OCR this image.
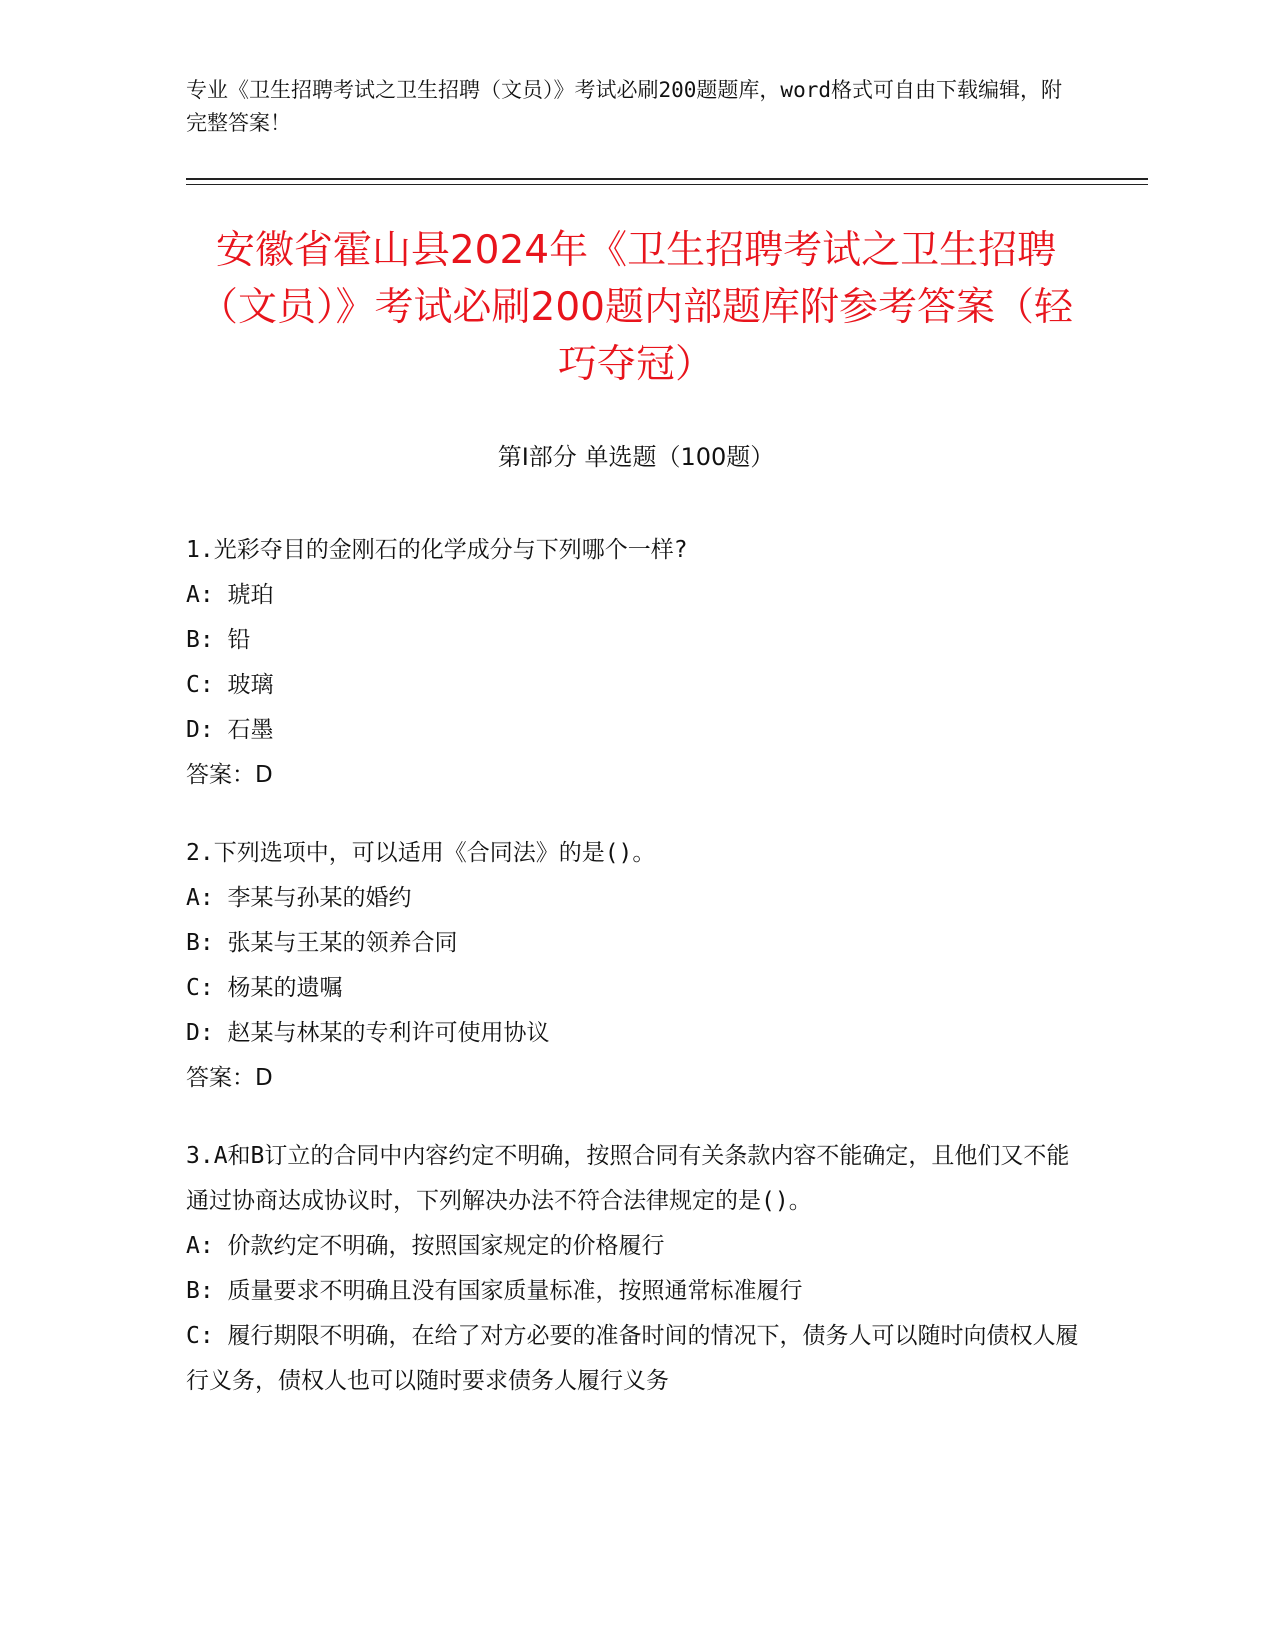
专业《卫生招聘考试之卫生招聘（文员）》考试必刷200题题库，word格式可自由下载编辑，附完整答案！
安徽省霍山县2024年《卫生招聘考试之卫生招聘（文员）》考试必刷200题内部题库附参考答案（轻巧夺冠）
第I部分 单选题（100题）

1.光彩夺目的金刚石的化学成分与下列哪个一样?

A: 琥珀

B: 铅

C: 玻璃

D: 石墨

答案：D

2.下列选项中，可以适用《合同法》的是()。

A: 李某与孙某的婚约

B: 张某与王某的领养合同

C: 杨某的遗嘱

D: 赵某与林某的专利许可使用协议

答案：D

3.A和B订立的合同中内容约定不明确，按照合同有关条款内容不能确定，且他们又不能通过协商达成协议时，下列解决办法不符合法律规定的是()。

A: 价款约定不明确，按照国家规定的价格履行

B: 质量要求不明确且没有国家质量标准，按照通常标准履行

C: 履行期限不明确，在给了对方必要的准备时间的情况下，债务人可以随时向债权人履行义务，债权人也可以随时要求债务人履行义务
